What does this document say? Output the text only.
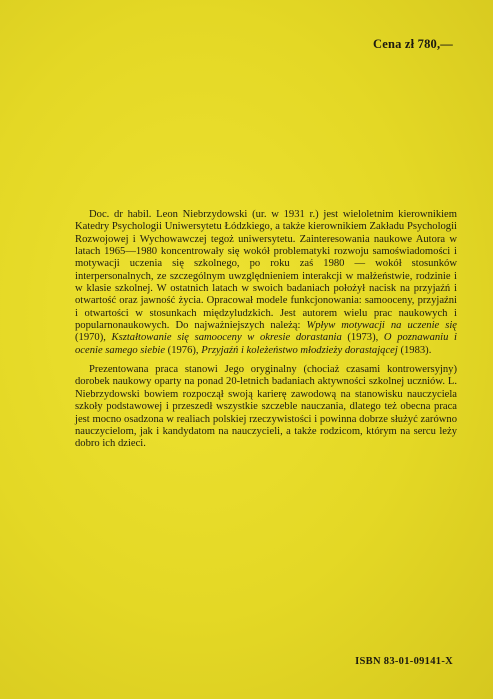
Cena zł 780,—

Doc. dr habil. Leon Niebrzydowski (ur. w 1931 r.) jest wieloletnim kierownikiem Katedry Psychologii Uniwersytetu Łódzkiego, a także kierownikiem Zakładu Psychologii Rozwojowej i Wychowawczej tegoż uniwersytetu. Zainteresowania naukowe Autora w latach 1965—1980 koncentrowały się wokół problematyki rozwoju samoświadomości i motywacji uczenia się szkolnego, po roku zaś 1980 — wokół stosunków interpersonalnych, ze szczególnym uwzględnieniem interakcji w małżeństwie, rodzinie i w klasie szkolnej. W ostatnich latach w swoich badaniach położył nacisk na przyjaźń i otwartość oraz jawność życia. Opracował modele funkcjonowania: samooceny, przyjaźni i otwartości w stosunkach międzyludzkich. Jest autorem wielu prac naukowych i popularnonaukowych. Do najważniejszych należą: Wpływ motywacji na uczenie się (1970), Kształtowanie się samooceny w okresie dorastania (1973), O poznawaniu i ocenie samego siebie (1976), Przyjaźń i koleżeństwo młodzieży dorastającej (1983).

Prezentowana praca stanowi Jego oryginalny (chociaż czasami kontrowersyjny) dorobek naukowy oparty na ponad 20-letnich badaniach aktywności szkolnej uczniów. L. Niebrzydowski bowiem rozpoczął swoją karierę zawodową na stanowisku nauczyciela szkoły podstawowej i przeszedł wszystkie szczeble nauczania, dlatego też obecna praca jest mocno osadzona w realiach polskiej rzeczywistości i powinna dobrze służyć zarówno nauczycielom, jak i kandydatom na nauczycieli, a także rodzicom, którym na sercu leży dobro ich dzieci.

ISBN 83-01-09141-X
